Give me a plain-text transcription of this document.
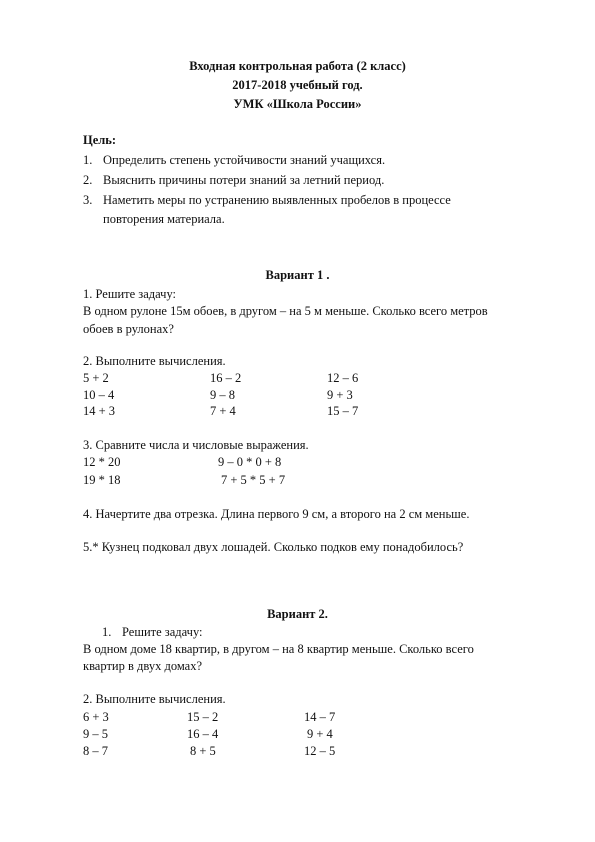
Входная контрольная работа (2 класс)
2017-2018 учебный год.
УМК «Школа России»
Цель:
1. Определить степень устойчивости знаний учащихся.
2. Выяснить причины потери знаний за летний период.
3. Наметить меры по устранению выявленных пробелов в процессе
повторения материала.
Вариант 1 .
1. Решите задачу:
В одном рулоне 15м обоев, в другом – на 5 м меньше. Сколько всего метров
обоев в рулонах?
2. Выполните вычисления.
5 + 2	16 – 2	12 – 6
10 – 4	9 – 8	9 + 3
14 + 3	7 + 4	15 – 7
3. Сравните числа и числовые выражения.
12 * 20	9 – 0 * 0 + 8
19 * 18	7 + 5 * 5 + 7
4. Начертите два отрезка. Длина первого 9 см, а второго на 2 см меньше.
5.* Кузнец подковал двух лошадей. Сколько подков ему понадобилось?
Вариант 2.
1. Решите задачу:
В одном доме 18 квартир, в другом – на 8 квартир меньше. Сколько всего
квартир в двух домах?
2. Выполните вычисления.
6 + 3	15 – 2	14 – 7
9 – 5	16 – 4	9 + 4
8 – 7	8 + 5	12 – 5
